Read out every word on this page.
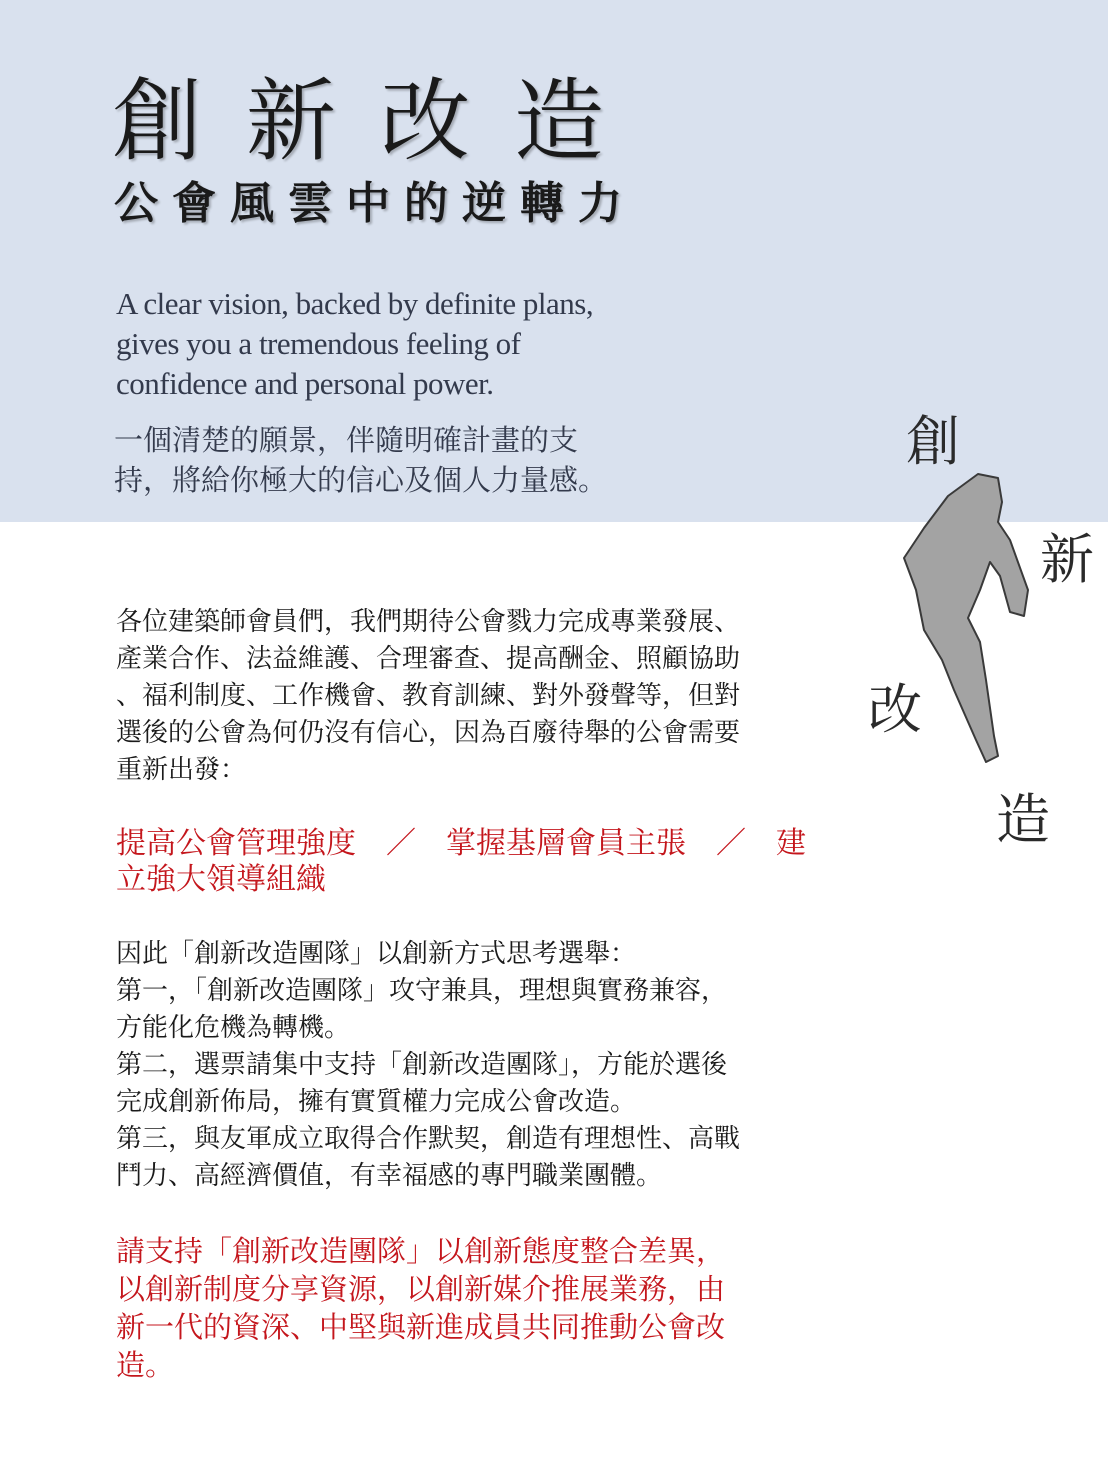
創新改造
公會風雲中的逆轉力

A clear vision, backed by definite plans,
gives you a tremendous feeling of
confidence and personal power.

一個清楚的願景，伴隨明確計畫的支
持，將給你極大的信心及個人力量感。

創
新
改
造

各位建築師會員們，我們期待公會戮力完成專業發展、
產業合作、法益維護、合理審查、提高酬金、照顧協助
、福利制度、工作機會、教育訓練、對外發聲等，但對
選後的公會為何仍沒有信心，因為百廢待舉的公會需要
重新出發：

提高公會管理強度　／　掌握基層會員主張　／　建
立強大領導組織

因此「創新改造團隊」以創新方式思考選舉：
第一，「創新改造團隊」攻守兼具，理想與實務兼容，
方能化危機為轉機。
第二，選票請集中支持「創新改造團隊」，方能於選後
完成創新佈局，擁有實質權力完成公會改造。
第三，與友軍成立取得合作默契，創造有理想性、高戰
鬥力、高經濟價值，有幸福感的專門職業團體。

請支持「創新改造團隊」以創新態度整合差異，
以創新制度分享資源，以創新媒介推展業務，由
新一代的資深、中堅與新進成員共同推動公會改
造。
